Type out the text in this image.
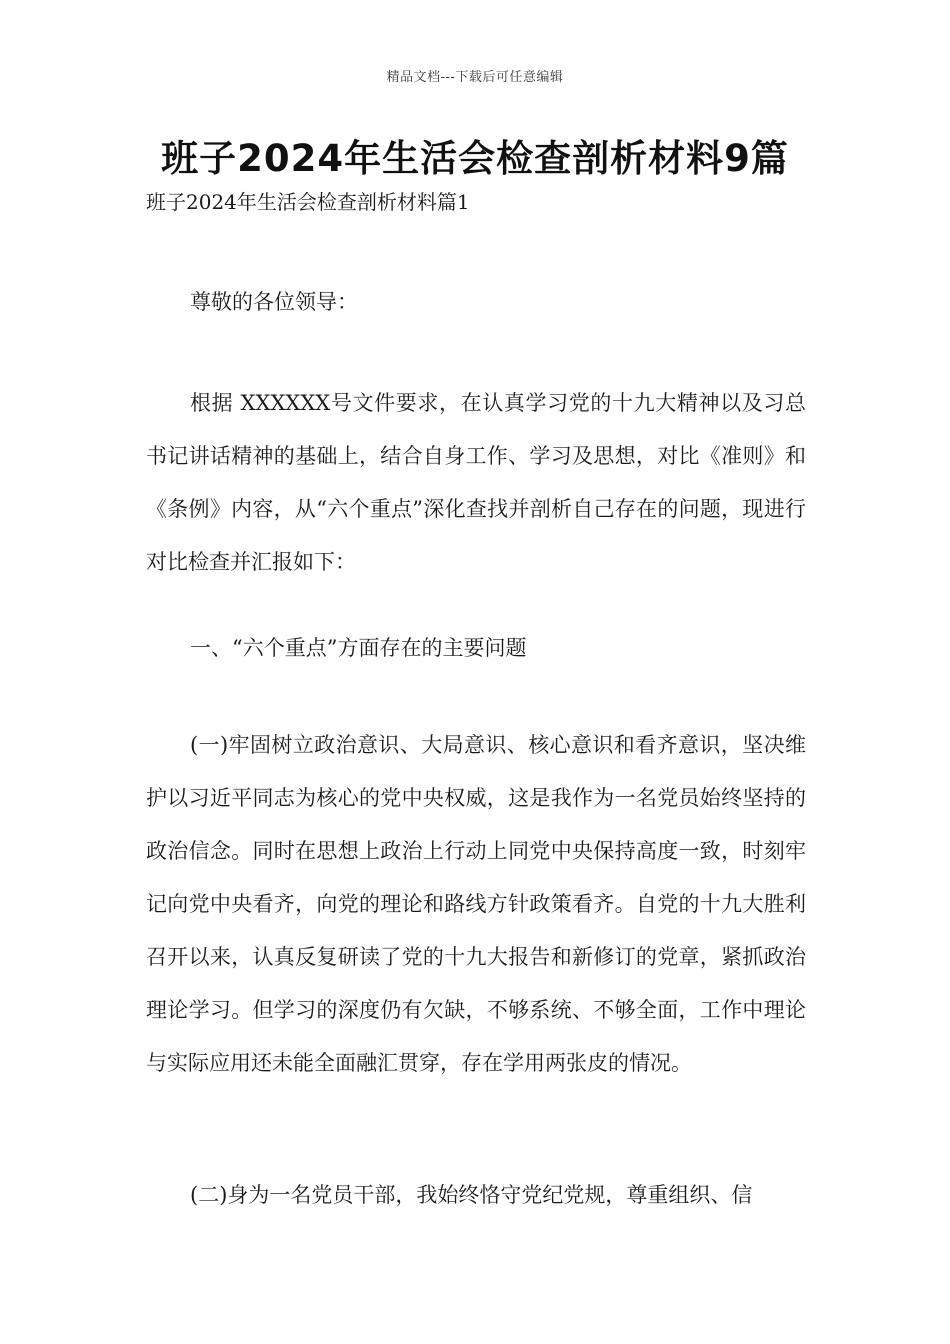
精品文档---下载后可任意编辑
班子2024年生活会检查剖析材料9篇
班子2024年生活会检查剖析材料篇1
尊敬的各位领导：
根据 XXXXXX号文件要求，在认真学习党的十九大精神以及习总书记讲话精神的基础上，结合自身工作、学习及思想，对比《准则》和《条例》内容，从“六个重点”深化查找并剖析自己存在的问题，现进行对比检查并汇报如下：
一、“六个重点”方面存在的主要问题
(一)牢固树立政治意识、大局意识、核心意识和看齐意识，坚决维护以习近平同志为核心的党中央权威，这是我作为一名党员始终坚持的政治信念。同时在思想上政治上行动上同党中央保持高度一致，时刻牢记向党中央看齐，向党的理论和路线方针政策看齐。自党的十九大胜利召开以来，认真反复研读了党的十九大报告和新修订的党章，紧抓政治理论学习。但学习的深度仍有欠缺，不够系统、不够全面，工作中理论与实际应用还未能全面融汇贯穿，存在学用两张皮的情况。
(二)身为一名党员干部，我始终恪守党纪党规，尊重组织、信
